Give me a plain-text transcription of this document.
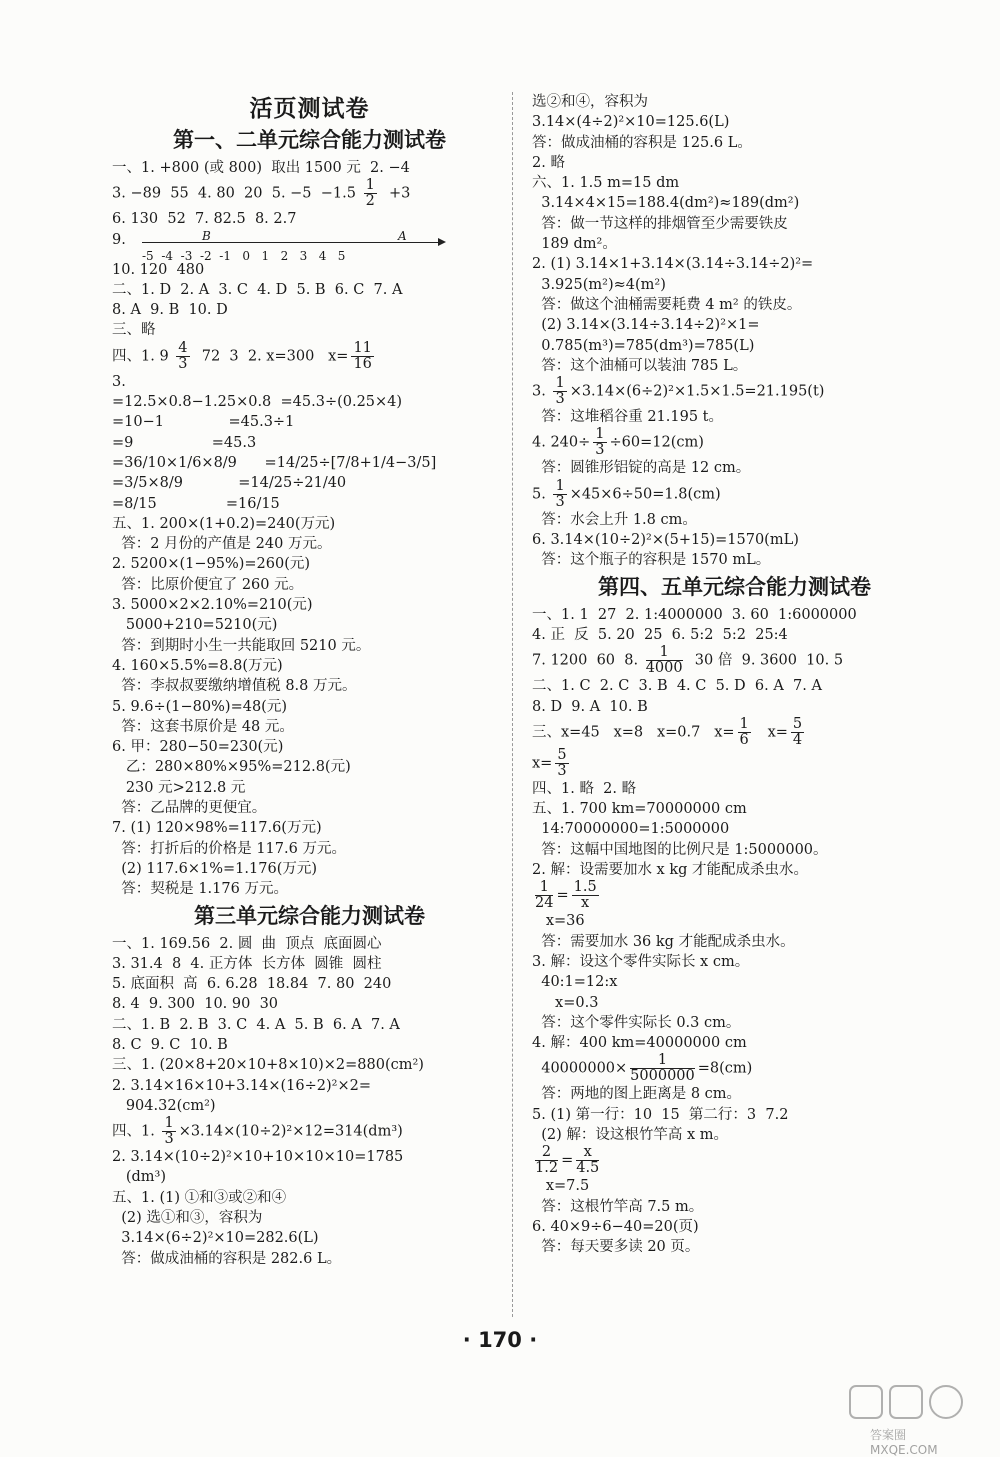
活页测试卷
第一、二单元综合能力测试卷
一、1. +800 (或 800)  取出 1500 元  2. −4
3. −89  55  4. 80  20  5. $-5 -1.5 \frac{1}{2} +3$
6. 130  52  7. 82.5  8. 2.7
9.
-5  -4  -3  -2  -1   0   1   2   3   4   5
B	A
10. 120  480
二、1. D  2. A  3. C  4. D  5. B  6. C  7. A
8. A  9. B  10. D
三、略
四、1. $9 \frac{4}{3} 72$  3  2. x=300   $x= \frac{11}{16}$
3.
=12.5×0.8−1.25×0.8  =45.3÷(0.25×4)
=10−1              =45.3÷1
=9                 =45.3
=36/10×1/6×8/9      =14/25÷[7/8+1/4−3/5]
=3/5×8/9            =14/25÷21/40
=8/15               =16/15
五、1. 200×(1+0.2)=240(万元)
答：2 月份的产值是 240 万元。
2. 5200×(1−95%)=260(元)
答：比原价便宜了 260 元。
3. 5000×2×2.10%=210(元)
5000+210=5210(元)
答：到期时小生一共能取回 5210 元。
4. 160×5.5%=8.8(万元)
答：李叔叔要缴纳增值税 8.8 万元。
5. 9.6÷(1−80%)=48(元)
答：这套书原价是 48 元。
6. 甲：280−50=230(元)
乙：280×80%×95%=212.8(元)
230 元>212.8 元
答：乙品牌的更便宜。
7. (1) 120×98%=117.6(万元)
答：打折后的价格是 117.6 万元。
(2) 117.6×1%=1.176(万元)
答：契税是 1.176 万元。
第三单元综合能力测试卷
一、1. 169.56  2. 圆  曲  顶点  底面圆心
3. 31.4  8  4. 正方体  长方体  圆锥  圆柱
5. 底面积  高  6. 6.28  18.84  7. 80  240
8. 4  9. 300  10. 90  30
二、1. B  2. B  3. C  4. A  5. B  6. A  7. A
8. C  9. C  10. B
三、1. (20×8+20×10+8×10)×2=880(cm²)
2. 3.14×16×10+3.14×(16÷2)²×2=
904.32(cm²)
四、1. $\frac{1}{3} \times 3.14\times(10\div 2)^2\times 12=314(dm^3)$
2. 3.14×(10÷2)²×10+10×10×10=1785
(dm³)
五、1. (1) ①和③或②和④
(2) 选①和③，容积为
3.14×(6÷2)²×10=282.6(L)
答：做成油桶的容积是 282.6 L。
选②和④，容积为
3.14×(4÷2)²×10=125.6(L)
答：做成油桶的容积是 125.6 L。
2. 略
六、1. 1.5 m=15 dm
3.14×4×15=188.4(dm²)≈189(dm²)
答：做一节这样的排烟管至少需要铁皮
189 dm²。
2. (1) 3.14×1+3.14×(3.14÷3.14÷2)²=
3.925(m²)≈4(m²)
答：做这个油桶需要耗费 4 m² 的铁皮。
(2) 3.14×(3.14÷3.14÷2)²×1=
0.785(m³)=785(dm³)=785(L)
答：这个油桶可以装油 785 L。
3. $\frac{1}{3} \times 3.14\times(6\div 2)^2\times 1.5\times 1.5=21.195(t)$
答：这堆稻谷重 21.195 t。
4. $240\div \frac{1}{3} \div 60=12(cm)$
答：圆锥形铝锭的高是 12 cm。
5. $\frac{1}{3} \times 45\times 6\div 50=1.8(cm)$
答：水会上升 1.8 cm。
6. 3.14×(10÷2)²×(5+15)=1570(mL)
答：这个瓶子的容积是 1570 mL。
第四、五单元综合能力测试卷
一、1. 1  27  2. 1:4000000  3. 60  1:6000000
4. 正  反  5. 20  25  6. 5:2  5:2  25:4
7. 1200  60  8. $\frac{1}{4000} 30$ 倍  9. 3600  10. 5
二、1. C  2. C  3. B  4. C  5. D  6. A  7. A
8. D  9. A  10. B
三、x=45   x=8   x=0.7   $x= \frac{1}{6} x= \frac{5}{4}$
$x= \frac{5}{3}$
四、1. 略  2. 略
五、1. 700 km=70000000 cm
14:70000000=1:5000000
答：这幅中国地图的比例尺是 1:5000000。
2. 解：设需要加水 x kg 才能配成杀虫水。
$\frac{1}{24} = \frac{1.5}{x}$
x=36
答：需要加水 36 kg 才能配成杀虫水。
3. 解：设这个零件实际长 x cm。
40:1=12:x
x=0.3
答：这个零件实际长 0.3 cm。
4. 解：400 km=40000000 cm
$40000000\times \frac{1}{5000000} =8(cm)$
答：两地的图上距离是 8 cm。
5. (1) 第一行：10  15  第二行：3  7.2
(2) 解：设这根竹竿高 x m。
$\frac{2}{1.2} = \frac{x}{4.5}$
x=7.5
答：这根竹竿高 7.5 m。
6. 40×9÷6−40=20(页)
答：每天要多读 20 页。
· 170 ·
答案圈 MXQE.COM
